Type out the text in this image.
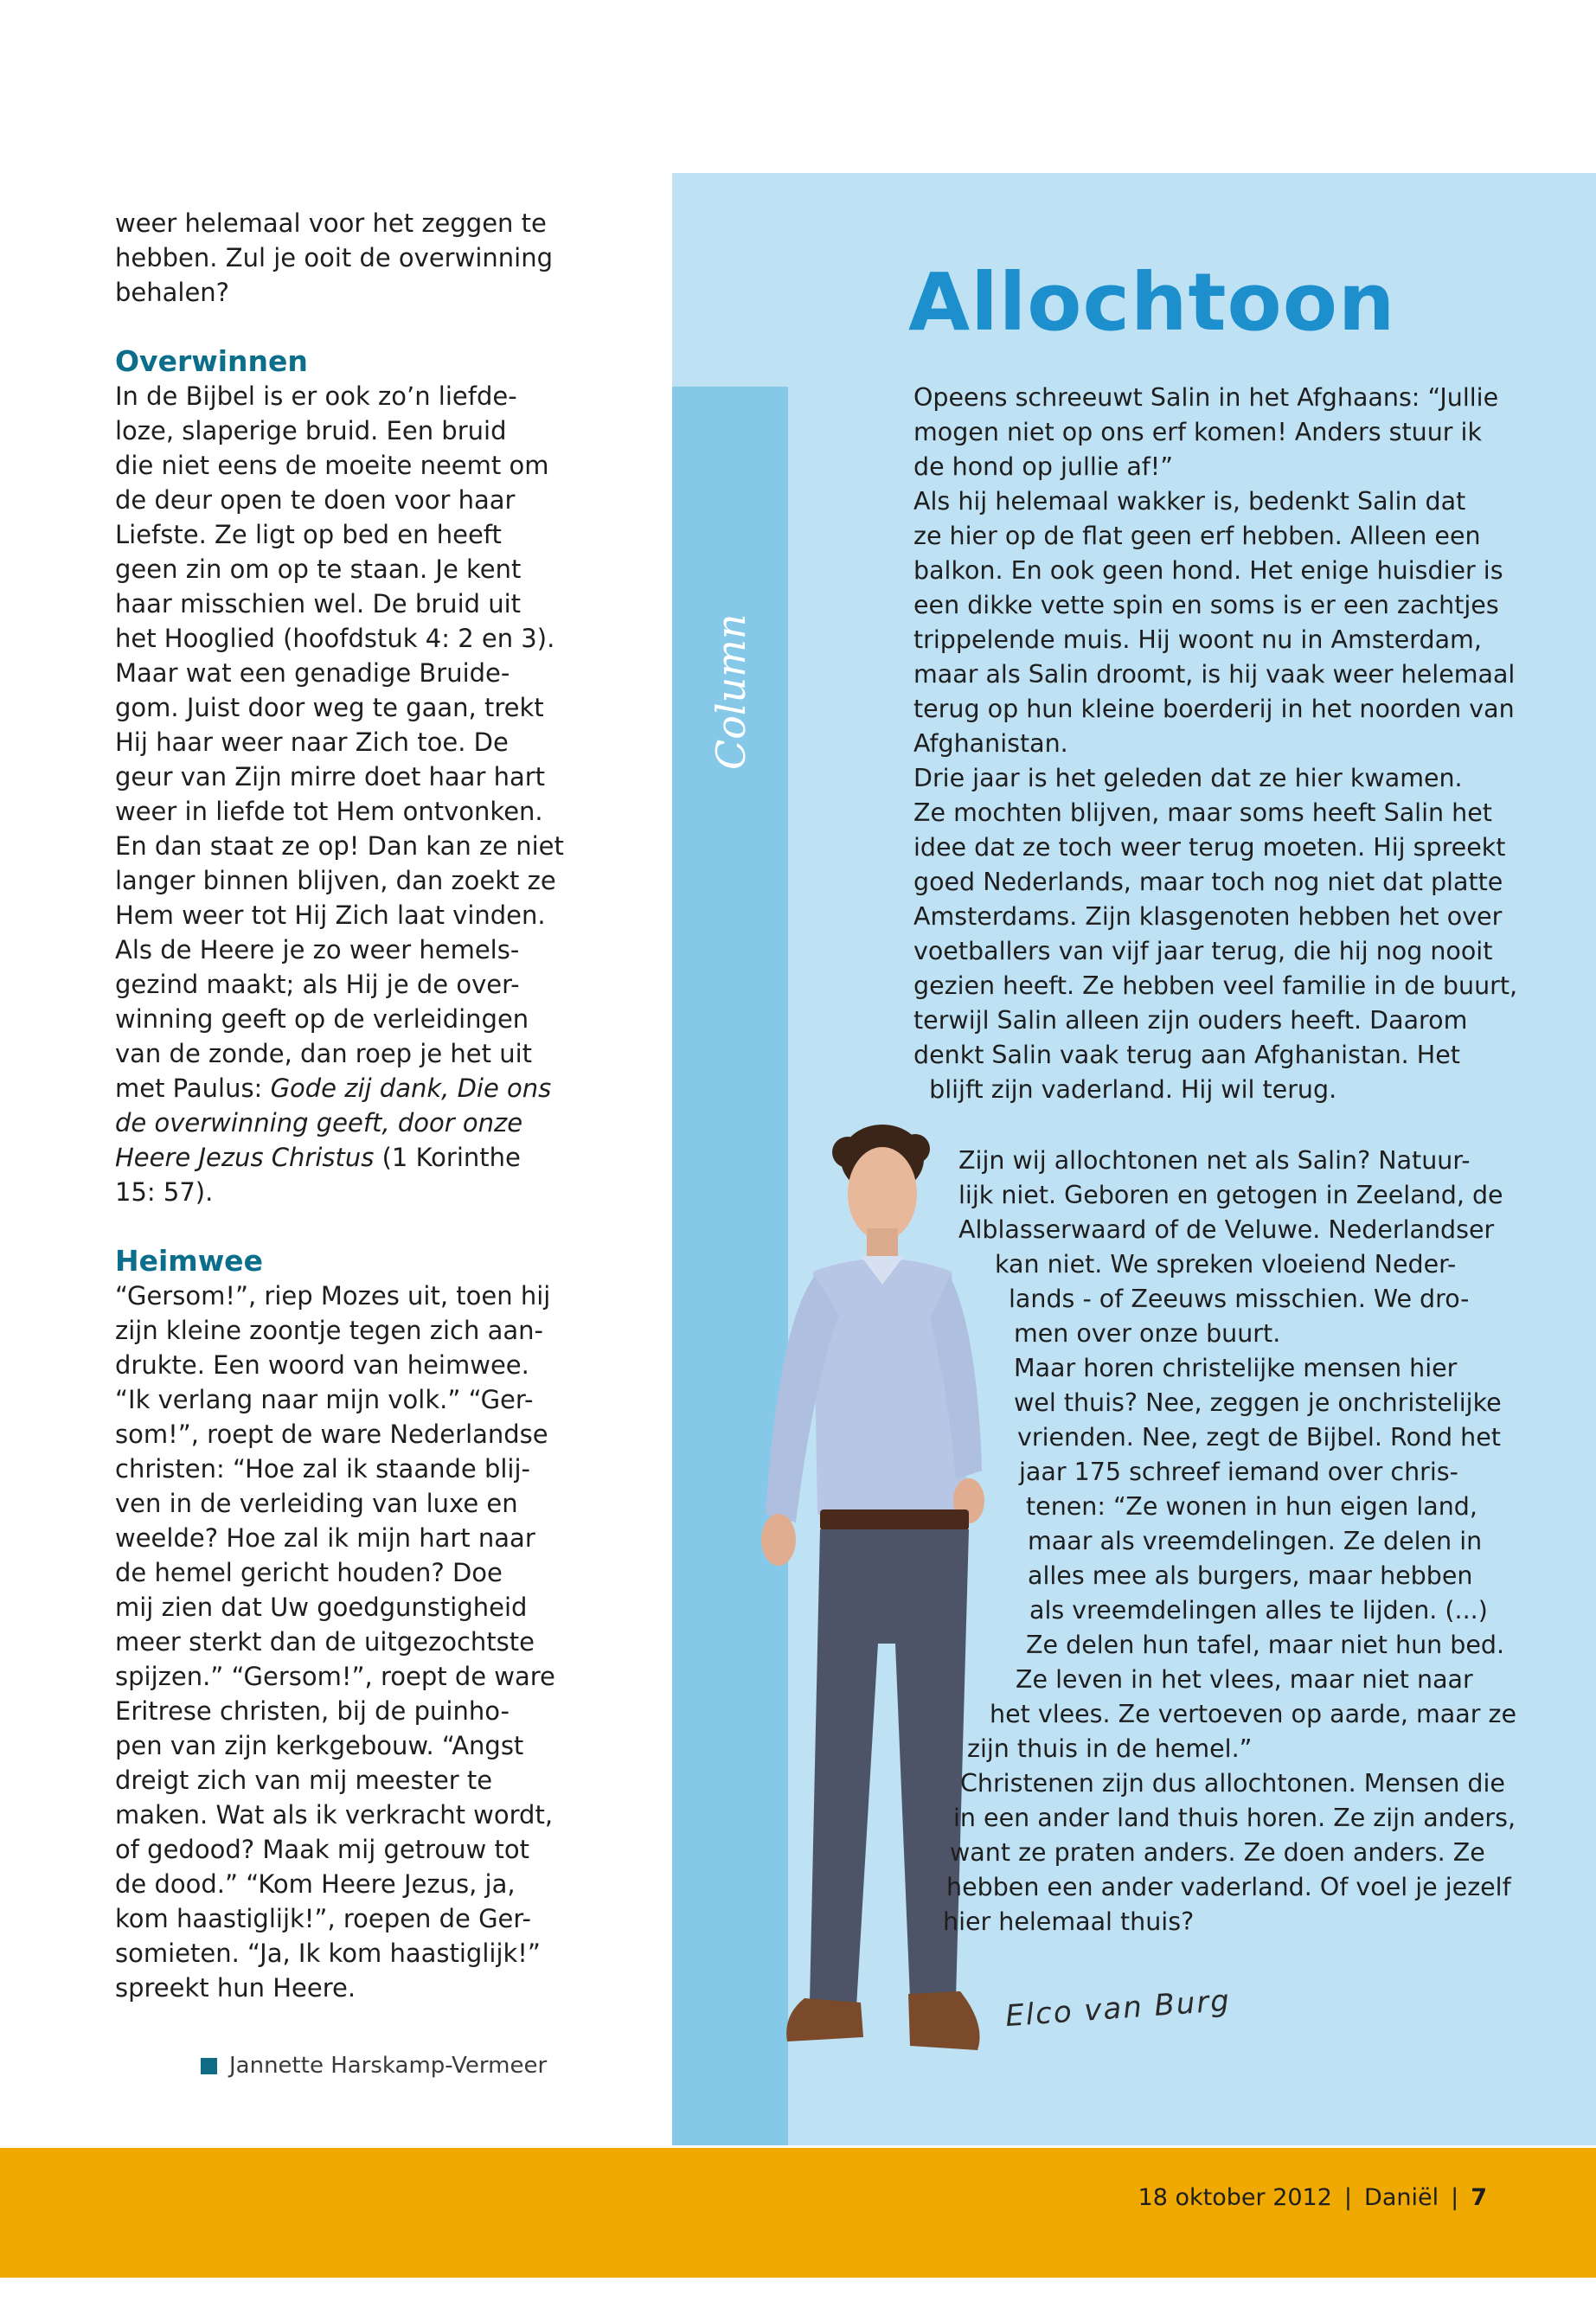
weer helemaal voor het zeggen te

hebben. Zul je ooit de overwinning

behalen?

Overwinnen

In de Bijbel is er ook zo’n liefde-

loze, slaperige bruid. Een bruid

die niet eens de moeite neemt om

de deur open te doen voor haar

Liefste. Ze ligt op bed en heeft

geen zin om op te staan. Je kent

haar misschien wel. De bruid uit

het Hooglied (hoofdstuk 4: 2 en 3).

Maar wat een genadige Bruide-

gom. Juist door weg te gaan, trekt

Hij haar weer naar Zich toe. De

geur van Zijn mirre doet haar hart

weer in liefde tot Hem ontvonken.

En dan staat ze op! Dan kan ze niet

langer binnen blijven, dan zoekt ze

Hem weer tot Hij Zich laat vinden.

Als de Heere je zo weer hemels-

gezind maakt; als Hij je de over-

winning geeft op de verleidingen

van de zonde, dan roep je het uit

met Paulus: Gode zij dank, Die ons

de overwinning geeft, door onze

Heere Jezus Christus (1 Korinthe

15: 57).

Heimwee

“Gersom!”, riep Mozes uit, toen hij

zijn kleine zoontje tegen zich aan-

drukte. Een woord van heimwee.

“Ik verlang naar mijn volk.” “Ger-

som!”, roept de ware Nederlandse

christen: “Hoe zal ik staande blij-

ven in de verleiding van luxe en

weelde? Hoe zal ik mijn hart naar

de hemel gericht houden? Doe

mij zien dat Uw goedgunstigheid

meer sterkt dan de uitgezochtste

spijzen.” “Gersom!”, roept de ware

Eritrese christen, bij de puinho-

pen van zijn kerkgebouw. “Angst

dreigt zich van mij meester te

maken. Wat als ik verkracht wordt,

of gedood? Maak mij getrouw tot

de dood.” “Kom Heere Jezus, ja,

kom haastiglijk!”, roepen de Ger-

somieten. “Ja, Ik kom haastiglijk!”

spreekt hun Heere.

Jannette Harskamp-Vermeer
Column
Allochtoon

Opeens schreeuwt Salin in het Afghaans: “Jullie

mogen niet op ons erf komen! Anders stuur ik

de hond op jullie af!”

Als hij helemaal wakker is, bedenkt Salin dat

ze hier op de flat geen erf hebben. Alleen een

balkon. En ook geen hond. Het enige huisdier is

een dikke vette spin en soms is er een zachtjes

trippelende muis. Hij woont nu in Amsterdam,

maar als Salin droomt, is hij vaak weer helemaal

terug op hun kleine boerderij in het noorden van

Afghanistan.

Drie jaar is het geleden dat ze hier kwamen.

Ze mochten blijven, maar soms heeft Salin het

idee dat ze toch weer terug moeten. Hij spreekt

goed Nederlands, maar toch nog niet dat platte

Amsterdams. Zijn klasgenoten hebben het over

voetballers van vijf jaar terug, die hij nog nooit

gezien heeft. Ze hebben veel familie in de buurt,

terwijl Salin alleen zijn ouders heeft. Daarom

denkt Salin vaak terug aan Afghanistan. Het

blijft zijn vaderland. Hij wil terug.

Zijn wij allochtonen net als Salin? Natuur-
lijk niet. Geboren en getogen in Zeeland, de
Alblasserwaard of de Veluwe. Nederlandser
kan niet. We spreken vloeiend Neder-
lands - of Zeeuws misschien. We dro-
men over onze buurt.
Maar horen christelijke mensen hier
wel thuis? Nee, zeggen je onchristelijke
vrienden. Nee, zegt de Bijbel. Rond het
jaar 175 schreef iemand over chris-
tenen: “Ze wonen in hun eigen land,
maar als vreemdelingen. Ze delen in
alles mee als burgers, maar hebben
als vreemdelingen alles te lijden. (...)
Ze delen hun tafel, maar niet hun bed.
Ze leven in het vlees, maar niet naar
het vlees. Ze vertoeven op aarde, maar ze
zijn thuis in de hemel.”
Christenen zijn dus allochtonen. Mensen die
in een ander land thuis horen. Ze zijn anders,
want ze praten anders. Ze doen anders. Ze
hebben een ander vaderland. Of voel je jezelf
hier helemaal thuis?
Elco van Burg
18 oktober 2012 | Daniël | 7
